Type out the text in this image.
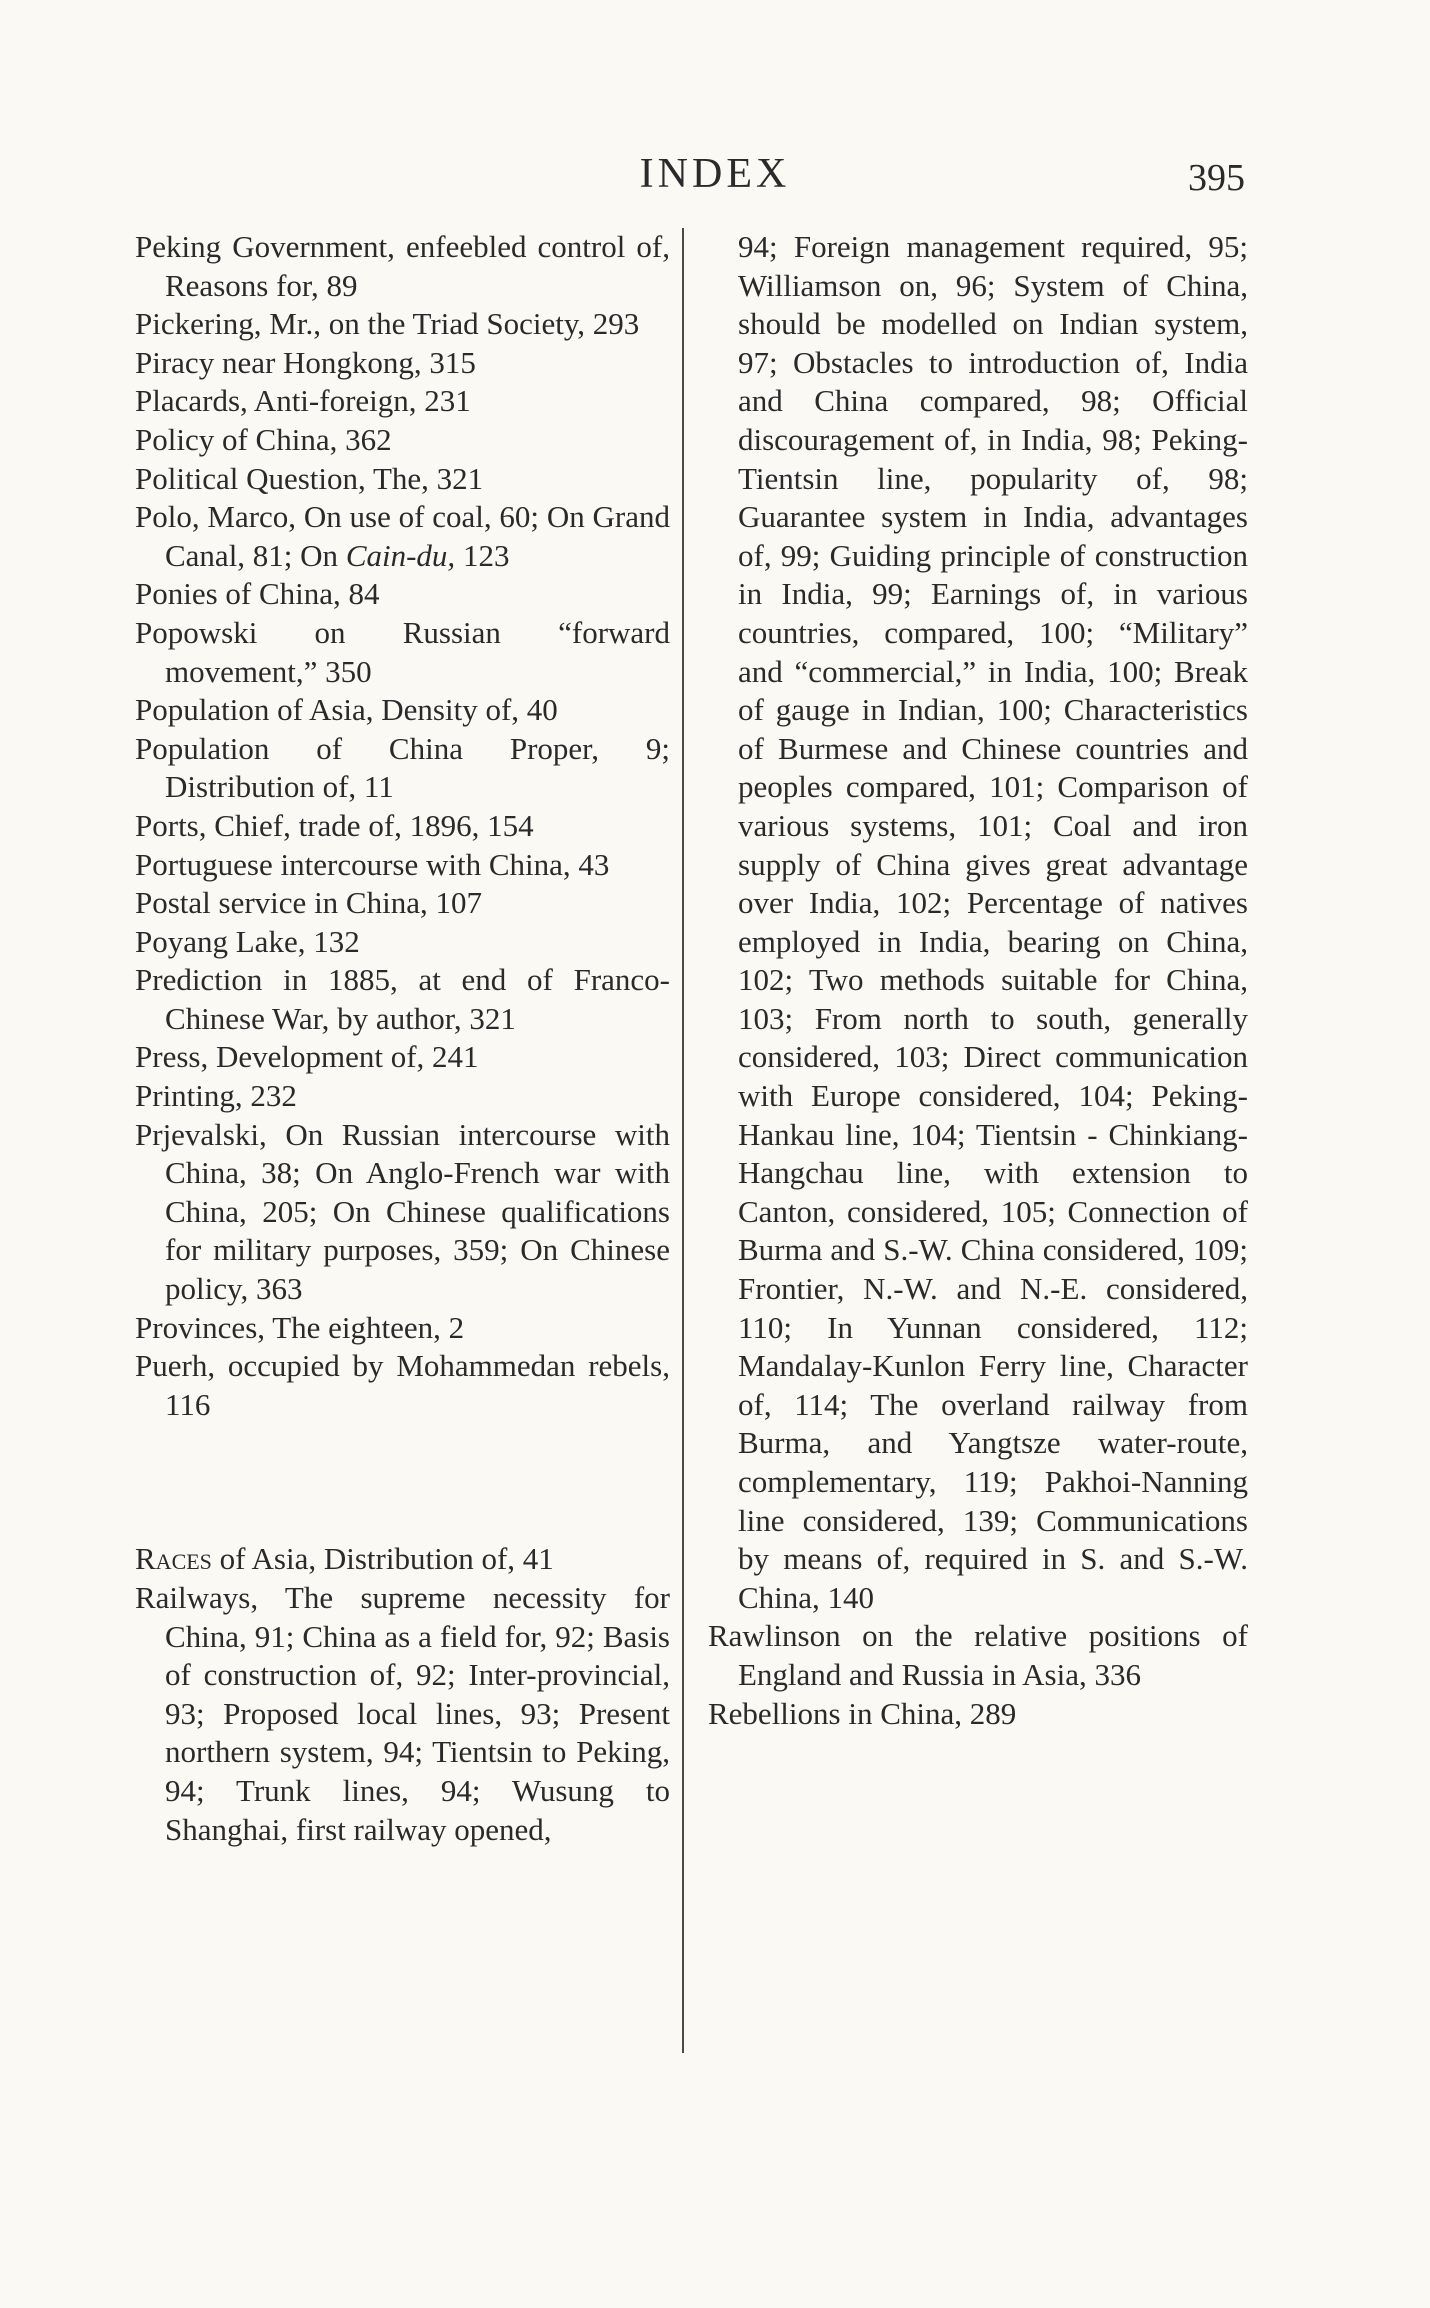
INDEX	395

Peking Government, enfeebled control of, Reasons for, 89

Pickering, Mr., on the Triad Society, 293

Piracy near Hongkong, 315

Placards, Anti-foreign, 231

Policy of China, 362

Political Question, The, 321

Polo, Marco, On use of coal, 60; On Grand Canal, 81; On Cain-du, 123

Ponies of China, 84

Popowski on Russian “forward movement,” 350

Population of Asia, Density of, 40

Population of China Proper, 9; Distribution of, 11

Ports, Chief, trade of, 1896, 154

Portuguese intercourse with China, 43

Postal service in China, 107

Poyang Lake, 132

Prediction in 1885, at end of Franco-Chinese War, by author, 321

Press, Development of, 241

Printing, 232

Prjevalski, On Russian intercourse with China, 38; On Anglo-French war with China, 205; On Chinese qualifications for military purposes, 359; On Chinese policy, 363

Provinces, The eighteen, 2

Puerh, occupied by Mohammedan rebels, 116

Races of Asia, Distribution of, 41

Railways, The supreme necessity for China, 91; China as a field for, 92; Basis of construction of, 92; Inter-provincial, 93; Proposed local lines, 93; Present northern system, 94; Tientsin to Peking, 94; Trunk lines, 94; Wusung to Shanghai, first railway opened,

94; Foreign management required, 95; Williamson on, 96; System of China, should be modelled on Indian system, 97; Obstacles to introduction of, India and China compared, 98; Official discouragement of, in India, 98; Peking-Tientsin line, popularity of, 98; Guarantee system in India, advantages of, 99; Guiding principle of construction in India, 99; Earnings of, in various countries, compared, 100; “Military” and “commercial,” in India, 100; Break of gauge in Indian, 100; Characteristics of Burmese and Chinese countries and peoples compared, 101; Comparison of various systems, 101; Coal and iron supply of China gives great advantage over India, 102; Percentage of natives employed in India, bearing on China, 102; Two methods suitable for China, 103; From north to south, generally considered, 103; Direct communication with Europe considered, 104; Peking-Hankau line, 104; Tientsin - Chinkiang-Hangchau line, with extension to Canton, considered, 105; Connection of Burma and S.-W. China considered, 109; Frontier, N.-W. and N.-E. considered, 110; In Yunnan considered, 112; Mandalay-Kunlon Ferry line, Character of, 114; The overland railway from Burma, and Yangtsze water-route, complementary, 119; Pakhoi-Nanning line considered, 139; Communications by means of, required in S. and S.-W. China, 140

Rawlinson on the relative positions of England and Russia in Asia, 336

Rebellions in China, 289
